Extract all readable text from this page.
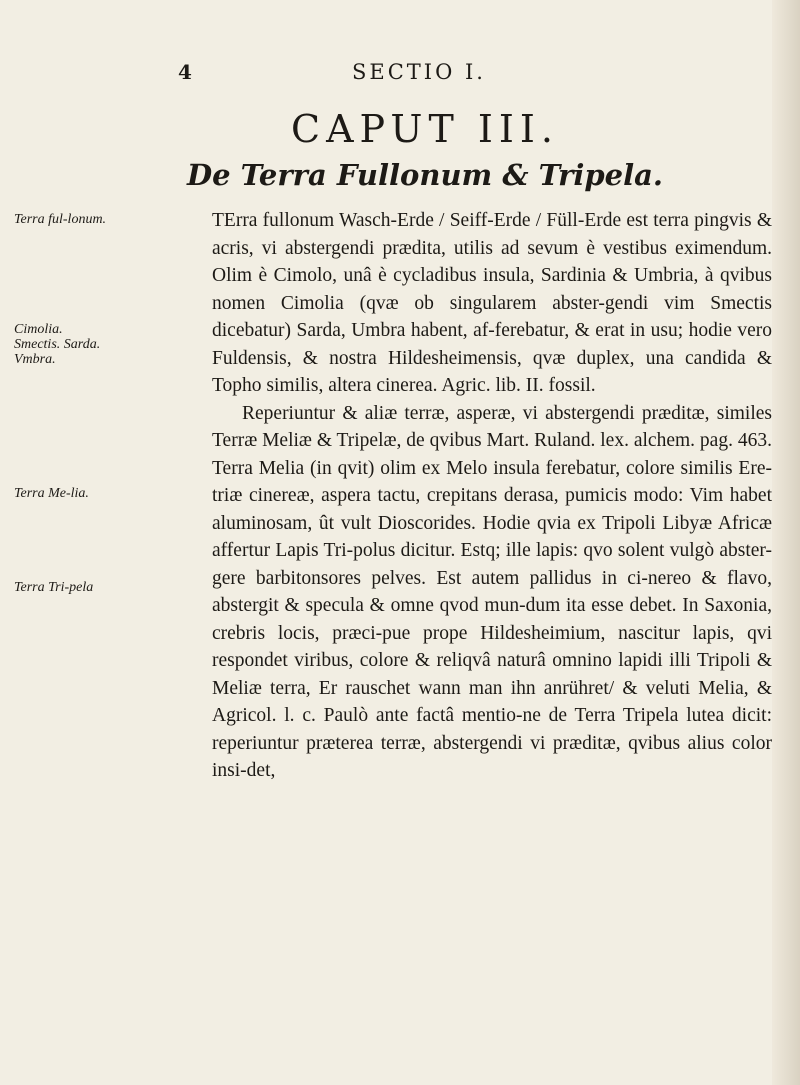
4	SECTIO I.
CAPUT III.
De Terra Fullonum & Tripela.
Terra ful-lonum.
Cimolia. Smectis. Sarda. Vmbra.
Terra Me-lia.
Terra Tri-pela

TErra fullonum Wasch-Erde / Seiff-Erde / Füll-Erde est terra pingvis & acris, vi abstergendi prædita, utilis ad sevum è vestibus eximendum. Olim è Cimolo, unâ è cycladibus insula, Sardinia & Umbria, à qvibus nomen Cimolia (qvæ ob singularem abster-gendi vim Smectis dicebatur) Sarda, Umbra habent, af-ferebatur, & erat in usu; hodie vero Fuldensis, & nostra Hildesheimensis, qvæ duplex, una candida & Topho similis, altera cinerea. Agric. lib. II. fossil.

Reperiuntur & aliæ terræ, asperæ, vi abstergendi præditæ, similes Terræ Meliæ & Tripelæ, de qvibus Mart. Ruland. lex. alchem. pag. 463. Terra Melia (in qvit) olim ex Melo insula ferebatur, colore similis Ere-triæ cinereæ, aspera tactu, crepitans derasa, pumicis modo: Vim habet aluminosam, ût vult Dioscorides. Hodie qvia ex Tripoli Libyæ Africæ affertur Lapis Tri-polus dicitur. Estq; ille lapis: qvo solent vulgò abster-gere barbitonsores pelves. Est autem pallidus in ci-nereo & flavo, abstergit & specula & omne qvod mun-dum ita esse debet. In Saxonia, crebris locis, præci-pue prope Hildesheimium, nascitur lapis, qvi respondet viribus, colore & reliqvâ naturâ omnino lapidi illi Tripoli & Meliæ terra, Er rauschet wann man ihn anrühret/ & veluti Melia, & Agricol. l. c. Paulò ante factâ mentio-ne de Terra Tripela lutea dicit: reperiuntur præterea terræ, abstergendi vi præditæ, qvibus alius color insi-det,
